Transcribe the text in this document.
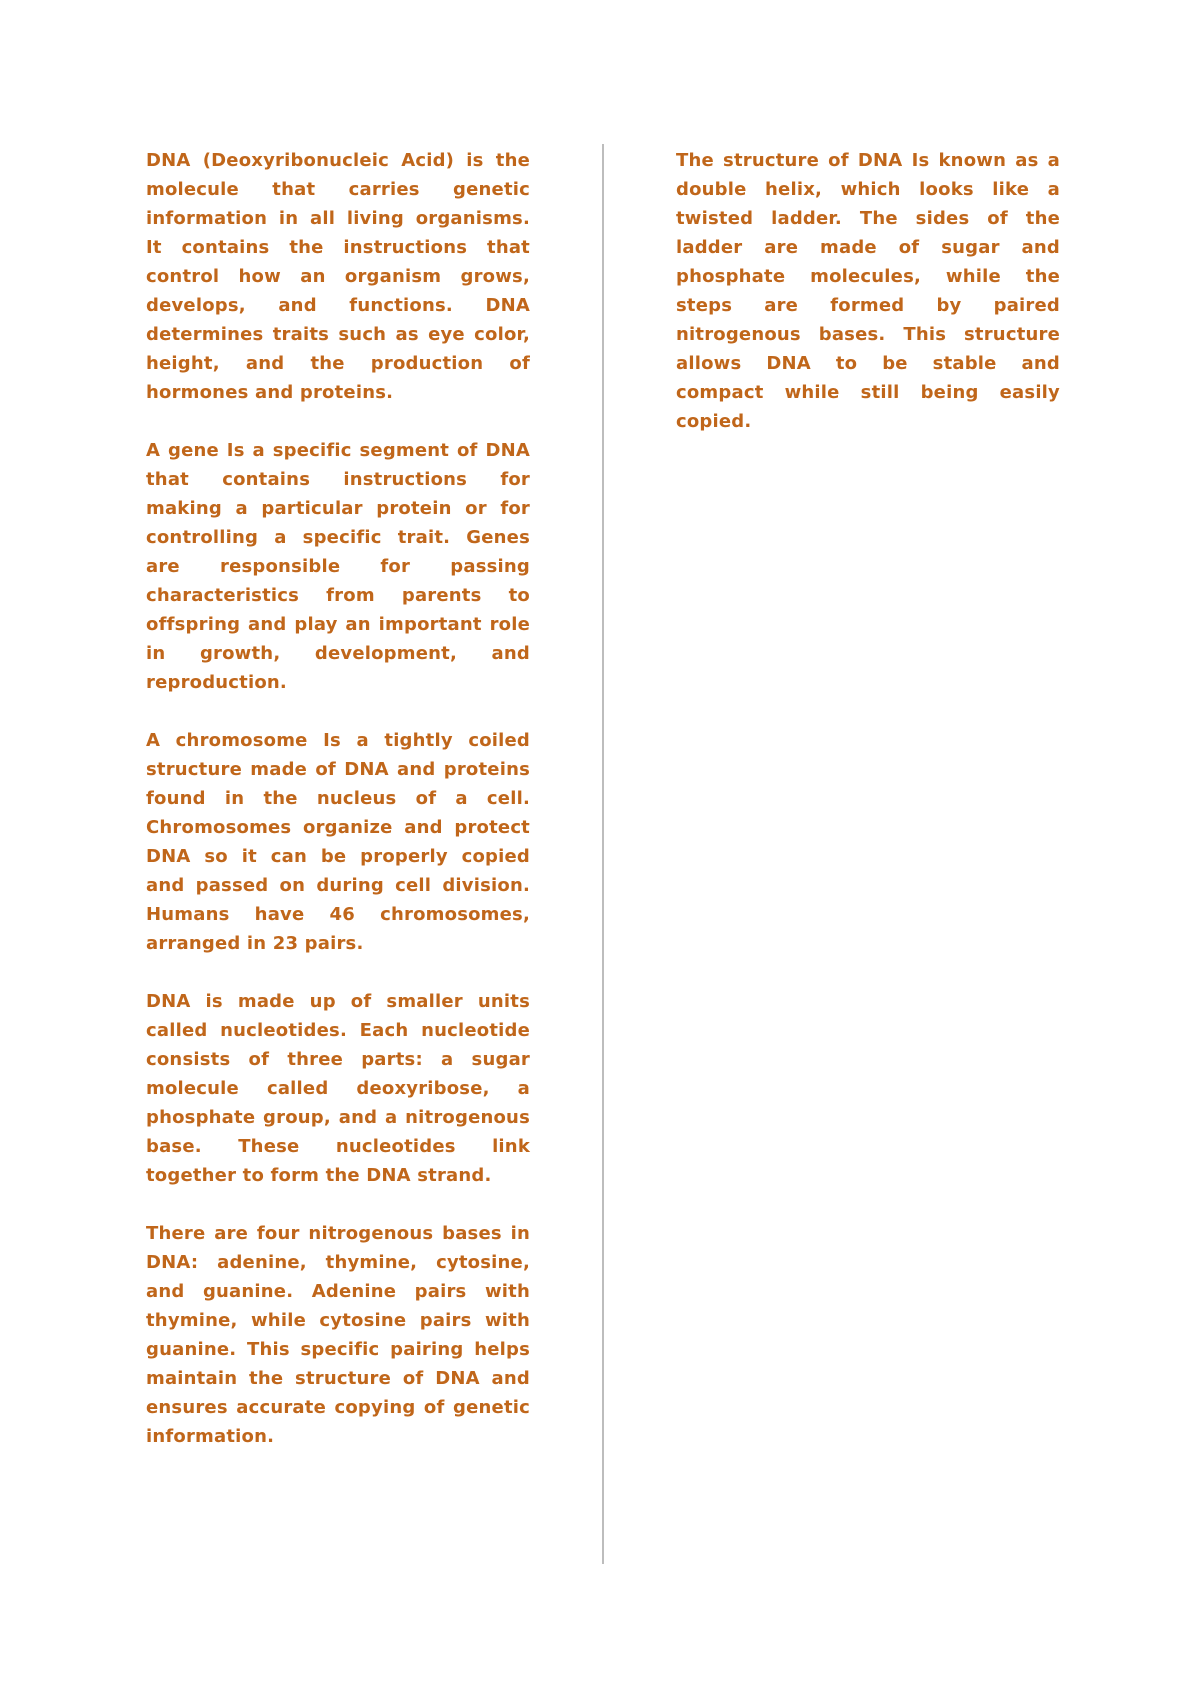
DNA (Deoxyribonucleic Acid) is the molecule that carries genetic information in all living organisms. It contains the instructions that control how an organism grows, develops, and functions. DNA determines traits such as eye color, height, and the production of hormones and proteins.

A gene Is a specific segment of DNA that contains instructions for making a particular protein or for controlling a specific trait. Genes are responsible for passing characteristics from parents to offspring and play an important role in growth, development, and reproduction.

A chromosome Is a tightly coiled structure made of DNA and proteins found in the nucleus of a cell. Chromosomes organize and protect DNA so it can be properly copied and passed on during cell division. Humans have 46 chromosomes, arranged in 23 pairs.

DNA is made up of smaller units called nucleotides. Each nucleotide consists of three parts: a sugar molecule called deoxyribose, a phosphate group, and a nitrogenous base. These nucleotides link together to form the DNA strand.

There are four nitrogenous bases in DNA: adenine, thymine, cytosine, and guanine. Adenine pairs with thymine, while cytosine pairs with guanine. This specific pairing helps maintain the structure of DNA and ensures accurate copying of genetic information.

The structure of DNA Is known as a double helix, which looks like a twisted ladder. The sides of the ladder are made of sugar and phosphate molecules, while the steps are formed by paired nitrogenous bases. This structure allows DNA to be stable and compact while still being easily copied.
